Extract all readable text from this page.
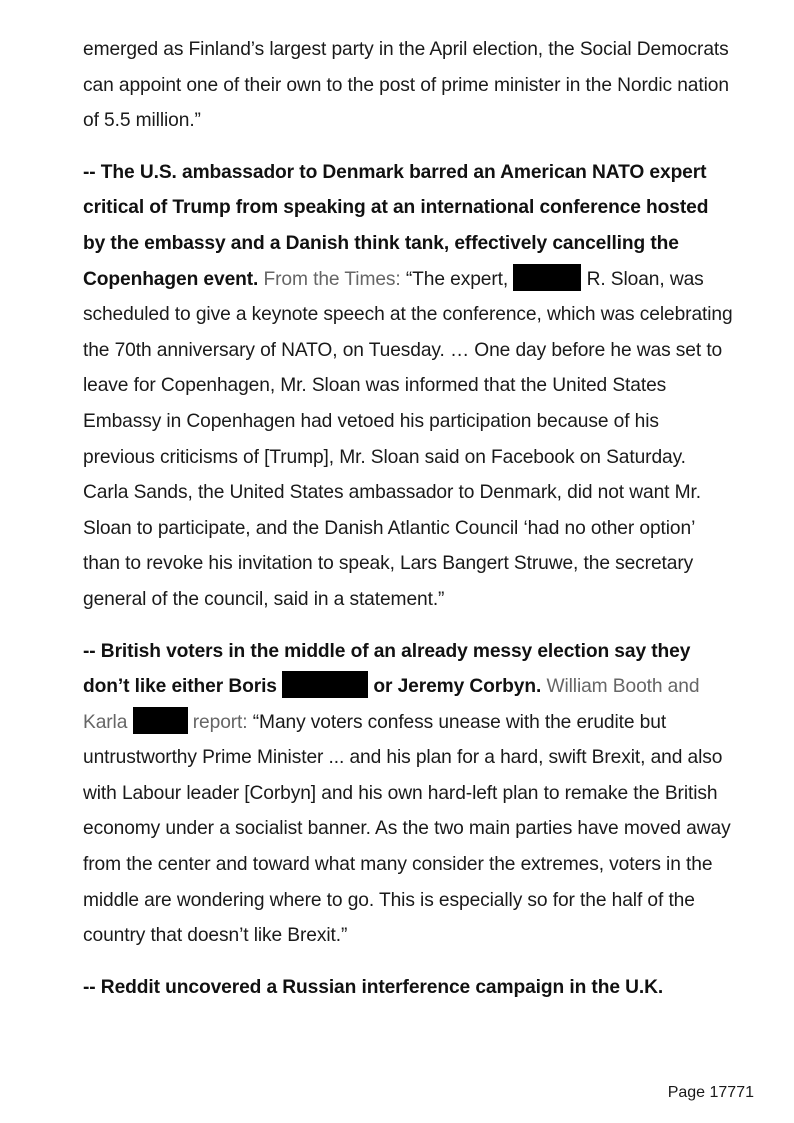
emerged as Finland’s largest party in the April election, the Social Democrats can appoint one of their own to the post of prime minister in the Nordic nation of 5.5 million.”

-- The U.S. ambassador to Denmark barred an American NATO expert critical of Trump from speaking at an international conference hosted by the embassy and a Danish think tank, effectively cancelling the Copenhagen event. From the Times: “The expert,	R. Sloan, was scheduled to give a keynote speech at the conference, which was celebrating the 70th anniversary of NATO, on Tuesday. … One day before he was set to leave for Copenhagen, Mr. Sloan was informed that the United States Embassy in Copenhagen had vetoed his participation because of his previous criticisms of [Trump], Mr. Sloan said on Facebook on Saturday. Carla Sands, the United States ambassador to Denmark, did not want Mr. Sloan to participate, and the Danish Atlantic Council ‘had no other option’ than to revoke his invitation to speak, Lars Bangert Struwe, the secretary general of the council, said in a statement.”

-- British voters in the middle of an already messy election say they don’t like either Boris	or Jeremy Corbyn. William Booth and Karla	report: “Many voters confess unease with the erudite but untrustworthy Prime Minister ... and his plan for a hard, swift Brexit, and also with Labour leader [Corbyn] and his own hard-left plan to remake the British economy under a socialist banner. As the two main parties have moved away from the center and toward what many consider the extremes, voters in the middle are wondering where to go. This is especially so for the half of the country that doesn’t like Brexit.”

-- Reddit uncovered a Russian interference campaign in the U.K.

Page 17771
